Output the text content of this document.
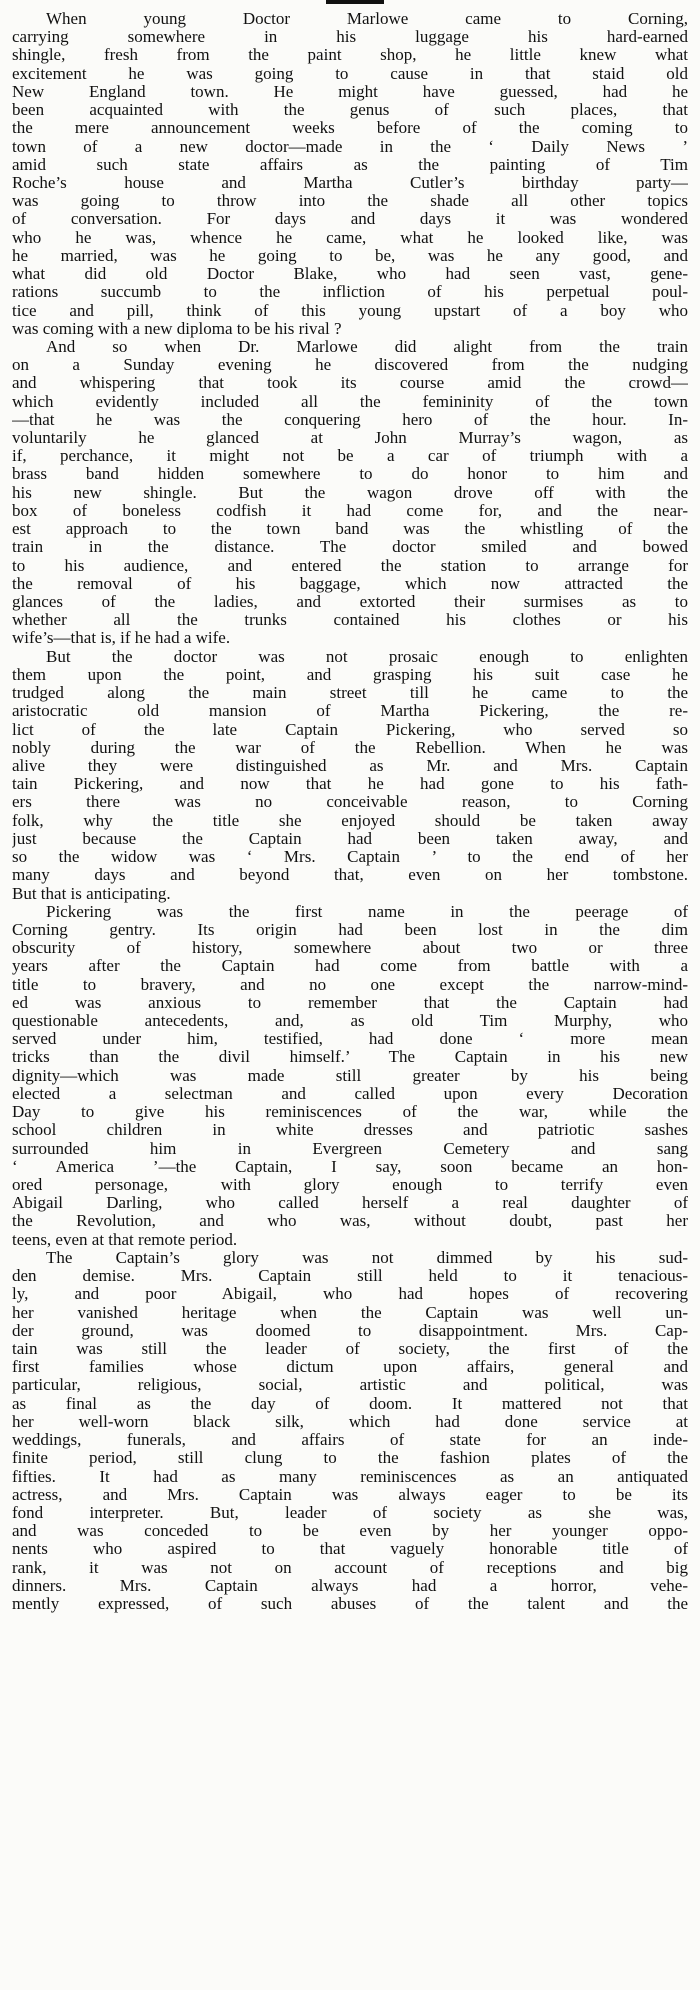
When young Doctor Marlowe came to Corning,
carrying somewhere in his luggage his hard-earned
shingle, fresh from the paint shop, he little knew what
excitement he was going to cause in that staid old
New England town. He might have guessed, had he
been acquainted with the genus of such places, that
the mere announcement weeks before of the coming to
town of a new doctor—made in the ‘ Daily News ’
amid such state affairs as the painting of Tim
Roche’s house and Martha Cutler’s birthday party—
was going to throw into the shade all other topics
of conversation. For days and days it was wondered
who he was, whence he came, what he looked like, was
he married, was he going to be, was he any good, and
what did old Doctor Blake, who had seen vast, gene-
rations succumb to the infliction of his perpetual poul-
tice and pill, think of this young upstart of a boy who
was coming with a new diploma to be his rival ?
And so when Dr. Marlowe did alight from the train
on a Sunday evening he discovered from the nudging
and whispering that took its course amid the crowd—
which evidently included all the femininity of the town
—that he was the conquering hero of the hour. In-
voluntarily he glanced at John Murray’s wagon, as
if, perchance, it might not be a car of triumph with a
brass band hidden somewhere to do honor to him and
his new shingle. But the wagon drove off with the
box of boneless codfish it had come for, and the near-
est approach to the town band was the whistling of the
train in the distance. The doctor smiled and bowed
to his audience, and entered the station to arrange for
the removal of his baggage, which now attracted the
glances of the ladies, and extorted their surmises as to
whether all the trunks contained his clothes or his
wife’s—that is, if he had a wife.
But the doctor was not prosaic enough to enlighten
them upon the point, and grasping his suit case he
trudged along the main street till he came to the
aristocratic old mansion of Martha Pickering, the re-
lict of the late Captain Pickering, who served so
nobly during the war of the Rebellion. When he was
alive they were distinguished as Mr. and Mrs. Captain
tain Pickering, and now that he had gone to his fath-
ers there was no conceivable reason, to Corning
folk, why the title she enjoyed should be taken away
just because the Captain had been taken away, and
so the widow was ‘ Mrs. Captain ’ to the end of her
many days and beyond that, even on her tombstone.
But that is anticipating.
Pickering was the first name in the peerage of
Corning gentry. Its origin had been lost in the dim
obscurity of history, somewhere about two or three
years after the Captain had come from battle with a
title to bravery, and no one except the narrow-mind-
ed was anxious to remember that the Captain had
questionable antecedents, and, as old Tim Murphy, who
served under him, testified, had done ‘ more mean
tricks than the divil himself.’ The Captain in his new
dignity—which was made still greater by his being
elected a selectman and called upon every Decoration
Day to give his reminiscences of the war, while the
school children in white dresses and patriotic sashes
surrounded him in Evergreen Cemetery and sang
‘ America ’—the Captain, I say, soon became an hon-
ored personage, with glory enough to terrify even
Abigail Darling, who called herself a real daughter of
the Revolution, and who was, without doubt, past her
teens, even at that remote period.
The Captain’s glory was not dimmed by his sud-
den demise. Mrs. Captain still held to it tenacious-
ly, and poor Abigail, who had hopes of recovering
her vanished heritage when the Captain was well un-
der ground, was doomed to disappointment. Mrs. Cap-
tain was still the leader of society, the first of the
first families whose dictum upon affairs, general and
particular, religious, social, artistic and political, was
as final as the day of doom. It mattered not that
her well-worn black silk, which had done service at
weddings, funerals, and affairs of state for an inde-
finite period, still clung to the fashion plates of the
fifties. It had as many reminiscences as an antiquated
actress, and Mrs. Captain was always eager to be its
fond interpreter. But, leader of society as she was,
and was conceded to be even by her younger oppo-
nents who aspired to that vaguely honorable title of
rank, it was not on account of receptions and big
dinners. Mrs. Captain always had a horror, vehe-
mently expressed, of such abuses of the talent and the
